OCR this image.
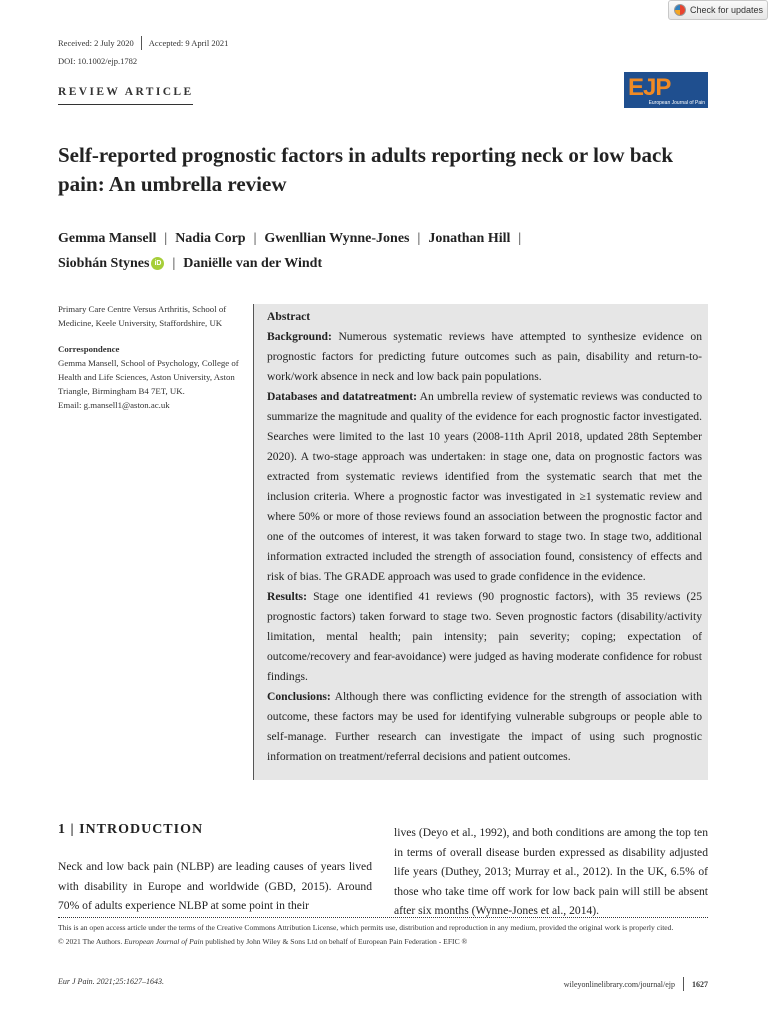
Check for updates
Received: 2 July 2020 Accepted: 9 April 2021
DOI: 10.1002/ejp.1782
REVIEW ARTICLE	EJP
European Journal of Pain
Self-reported prognostic factors in adults reporting neck or low back pain: An umbrella review
Gemma Mansell | Nadia Corp | Gwenllian Wynne-Jones | Jonathan Hill |
Siobhán Stynes iD | Daniëlle van der Windt
Primary Care Centre Versus Arthritis, School of Medicine, Keele University, Staffordshire, UK
Correspondence
Gemma Mansell, School of Psychology, College of Health and Life Sciences, Aston University, Aston Triangle, Birmingham B4 7ET, UK.
Email: g.mansell1@aston.ac.uk

Abstract

Background: Numerous systematic reviews have attempted to synthesize evidence on prognostic factors for predicting future outcomes such as pain, disability and return-to-work/work absence in neck and low back pain populations.

Databases and datatreatment: An umbrella review of systematic reviews was conducted to summarize the magnitude and quality of the evidence for each prognostic factor investigated. Searches were limited to the last 10 years (2008-11th April 2018, updated 28th September 2020). A two-stage approach was undertaken: in stage one, data on prognostic factors was extracted from systematic reviews identified from the systematic search that met the inclusion criteria. Where a prognostic factor was investigated in ≥1 systematic review and where 50% or more of those reviews found an association between the prognostic factor and one of the outcomes of interest, it was taken forward to stage two. In stage two, additional information extracted included the strength of association found, consistency of effects and risk of bias. The GRADE approach was used to grade confidence in the evidence.

Results: Stage one identified 41 reviews (90 prognostic factors), with 35 reviews (25 prognostic factors) taken forward to stage two. Seven prognostic factors (disability/activity limitation, mental health; pain intensity; pain severity; coping; expectation of outcome/recovery and fear-avoidance) were judged as having moderate confidence for robust findings.

Conclusions: Although there was conflicting evidence for the strength of association with outcome, these factors may be used for identifying vulnerable subgroups or people able to self-manage. Further research can investigate the impact of using such prognostic information on treatment/referral decisions and patient outcomes.

1 | INTRODUCTION

Neck and low back pain (NLBP) are leading causes of years lived with disability in Europe and worldwide (GBD, 2015). Around 70% of adults experience NLBP at some point in their

lives (Deyo et al., 1992), and both conditions are among the top ten in terms of overall disease burden expressed as disability adjusted life years (Duthey, 2013; Murray et al., 2012). In the UK, 6.5% of those who take time off work for low back pain will still be absent after six months (Wynne-Jones et al., 2014).

This is an open access article under the terms of the Creative Commons Attribution License, which permits use, distribution and reproduction in any medium, provided the original work is properly cited.
© 2021 The Authors. European Journal of Pain published by John Wiley & Sons Ltd on behalf of European Pain Federation - EFIC ®
Eur J Pain. 2021;25:1627–1643.	wileyonlinelibrary.com/journal/ejp 1627
